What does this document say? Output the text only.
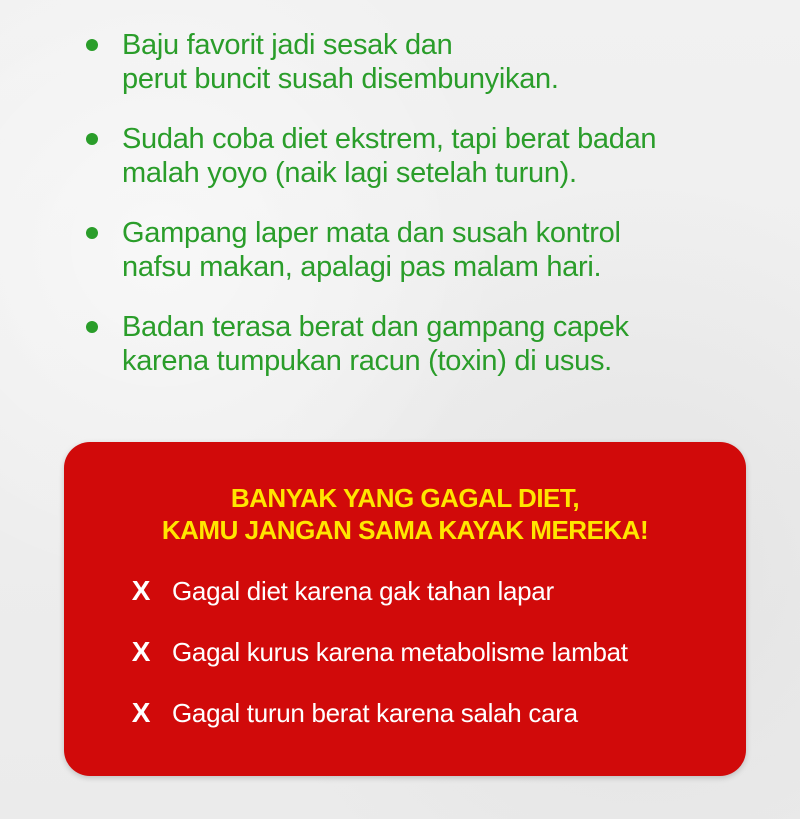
Baju favorit jadi sesak dan
perut buncit susah disembunyikan.
Sudah coba diet ekstrem, tapi berat badan
malah yoyo (naik lagi setelah turun).
Gampang laper mata dan susah kontrol
nafsu makan, apalagi pas malam hari.
Badan terasa berat dan gampang capek
karena tumpukan racun (toxin) di usus.
BANYAK YANG GAGAL DIET,
KAMU JANGAN SAMA KAYAK MEREKA!
X Gagal diet karena gak tahan lapar
X Gagal kurus karena metabolisme lambat
X Gagal turun berat karena salah cara
